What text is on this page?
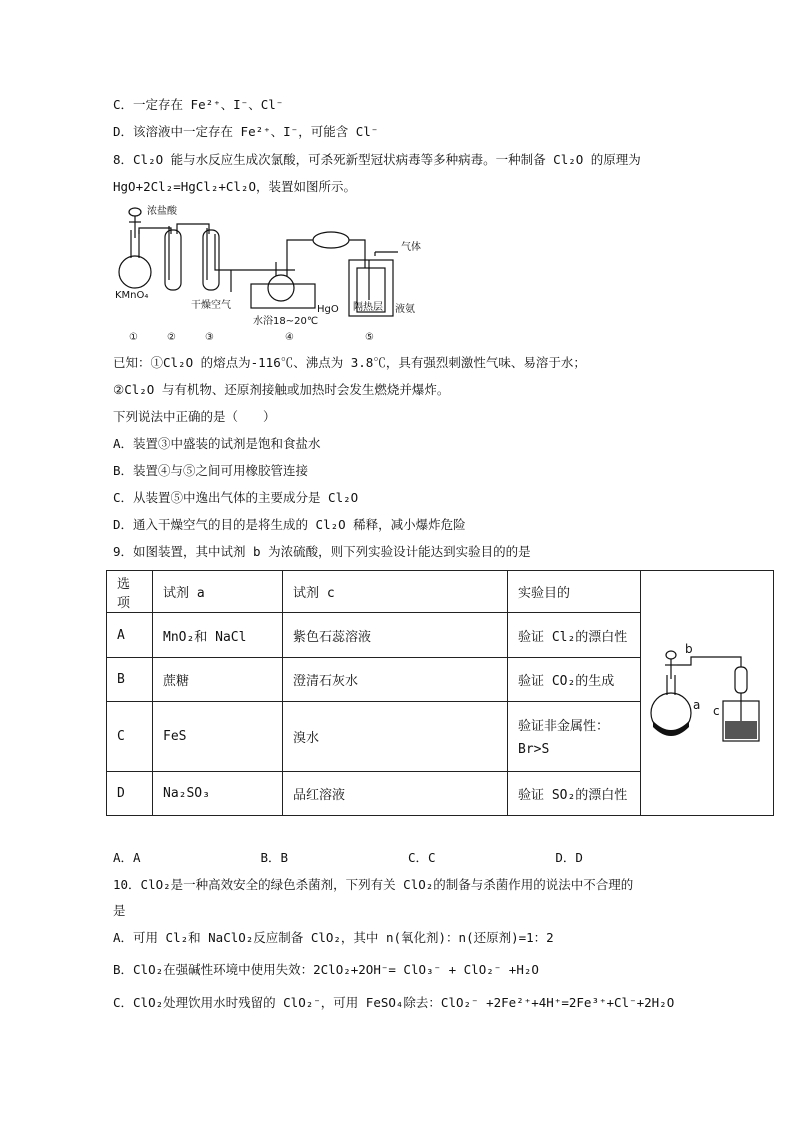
C．一定存在 Fe²⁺、I⁻、Cl⁻
D．该溶液中一定存在 Fe²⁺、I⁻，可能含 Cl⁻
8．Cl₂O 能与水反应生成次氯酸，可杀死新型冠状病毒等多种病毒。一种制备 Cl₂O 的原理为
HgO+2Cl₂=HgCl₂+Cl₂O，装置如图所示。
浓盐酸
KMnO₄
干燥空气
水浴18~20℃
HgO
气体
隔热层 液氨
①	②	③	④	⑤
已知：①Cl₂O 的熔点为-116℃、沸点为 3.8℃，具有强烈刺激性气味、易溶于水；
②Cl₂O 与有机物、还原剂接触或加热时会发生燃烧并爆炸。
下列说法中正确的是（　　）
A．装置③中盛装的试剂是饱和食盐水
B．装置④与⑤之间可用橡胶管连接
C．从装置⑤中逸出气体的主要成分是 Cl₂O
D．通入干燥空气的目的是将生成的 Cl₂O 稀释，减小爆炸危险
9．如图装置，其中试剂 b 为浓硫酸，则下列实验设计能达到实验目的的是
选项	试剂 a	试剂 c	实验目的	b
a c

A	MnO₂和 NaCl	紫色石蕊溶液	验证 Cl₂的漂白性	
B	蔗糖	澄清石灰水	验证 CO₂的生成	
C	FeS	溴水	验证非金属性：
Br>S	

D	Na₂SO₃	品红溶液	验证 SO₂的漂白性	
A．A	B．B	C．C	D．D
10．ClO₂是一种高效安全的绿色杀菌剂，下列有关 ClO₂的制备与杀菌作用的说法中不合理的
是
A．可用 Cl₂和 NaClO₂反应制备 ClO₂，其中 n(氧化剂)：n(还原剂)=1：2
B．ClO₂在强碱性环境中使用失效：2ClO₂+2OH⁻= ClO₃⁻ + ClO₂⁻ +H₂O
C．ClO₂处理饮用水时残留的 ClO₂⁻，可用 FeSO₄除去：ClO₂⁻ +2Fe²⁺+4H⁺=2Fe³⁺+Cl⁻+2H₂O
